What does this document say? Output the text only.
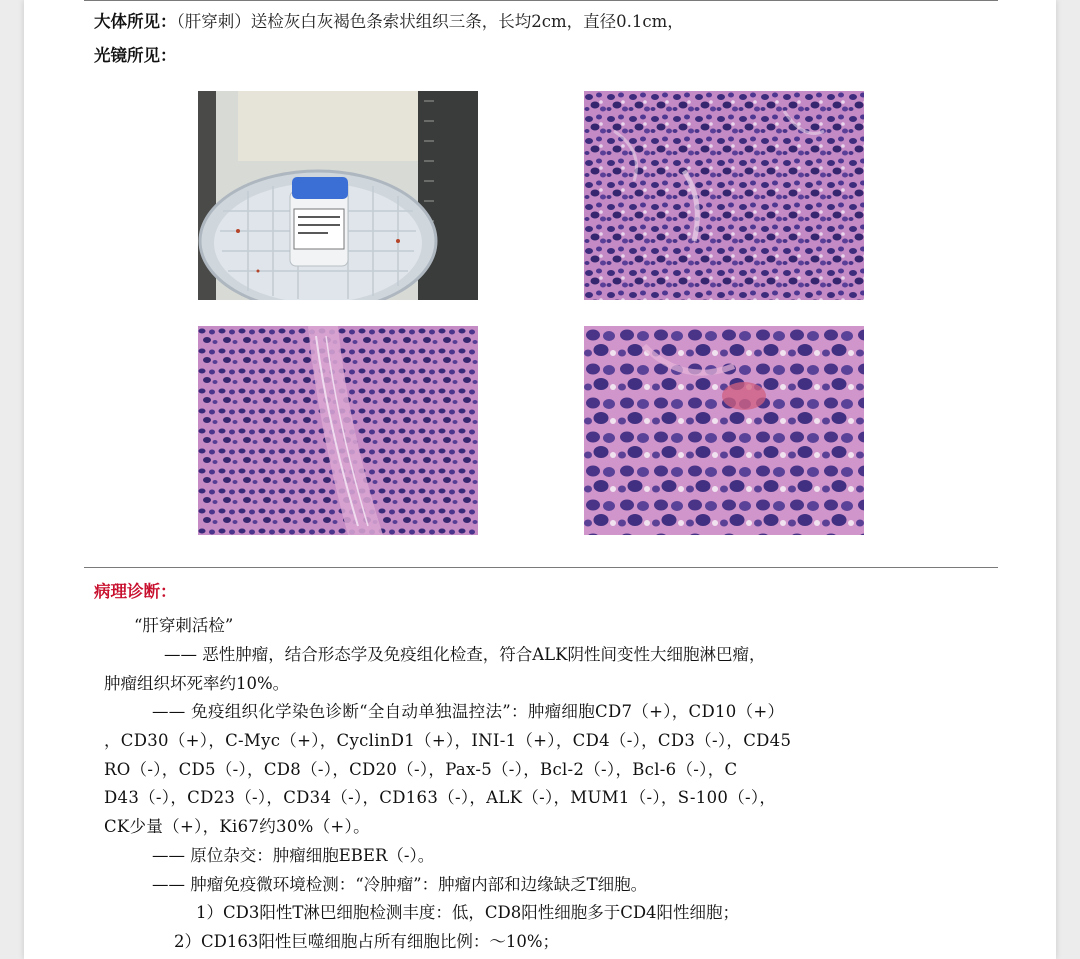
大体所见：（肝穿刺）送检灰白灰褐色条索状组织三条，长均2cm，直径0.1cm，
光镜所见：
病理诊断：
“肝穿刺活检”
—— 恶性肿瘤，结合形态学及免疫组化检查，符合ALK阴性间变性大细胞淋巴瘤，
肿瘤组织坏死率约10%。
—— 免疫组织化学染色诊断“全自动单独温控法”：肿瘤细胞CD7（+），CD10（+）
，CD30（+），C-Myc（+），CyclinD1（+），INI-1（+），CD4（-），CD3（-），CD45
RO（-），CD5（-），CD8（-），CD20（-），Pax-5（-），Bcl-2（-），Bcl-6（-），C
D43（-），CD23（-），CD34（-），CD163（-），ALK（-），MUM1（-），S-100（-），
CK少量（+），Ki67约30%（+）。
—— 原位杂交：肿瘤细胞EBER（-）。
—— 肿瘤免疫微环境检测：“冷肿瘤”：肿瘤内部和边缘缺乏T细胞。
1）CD3阳性T淋巴细胞检测丰度：低，CD8阳性细胞多于CD4阳性细胞；
2）CD163阳性巨噬细胞占所有细胞比例：～10%；
